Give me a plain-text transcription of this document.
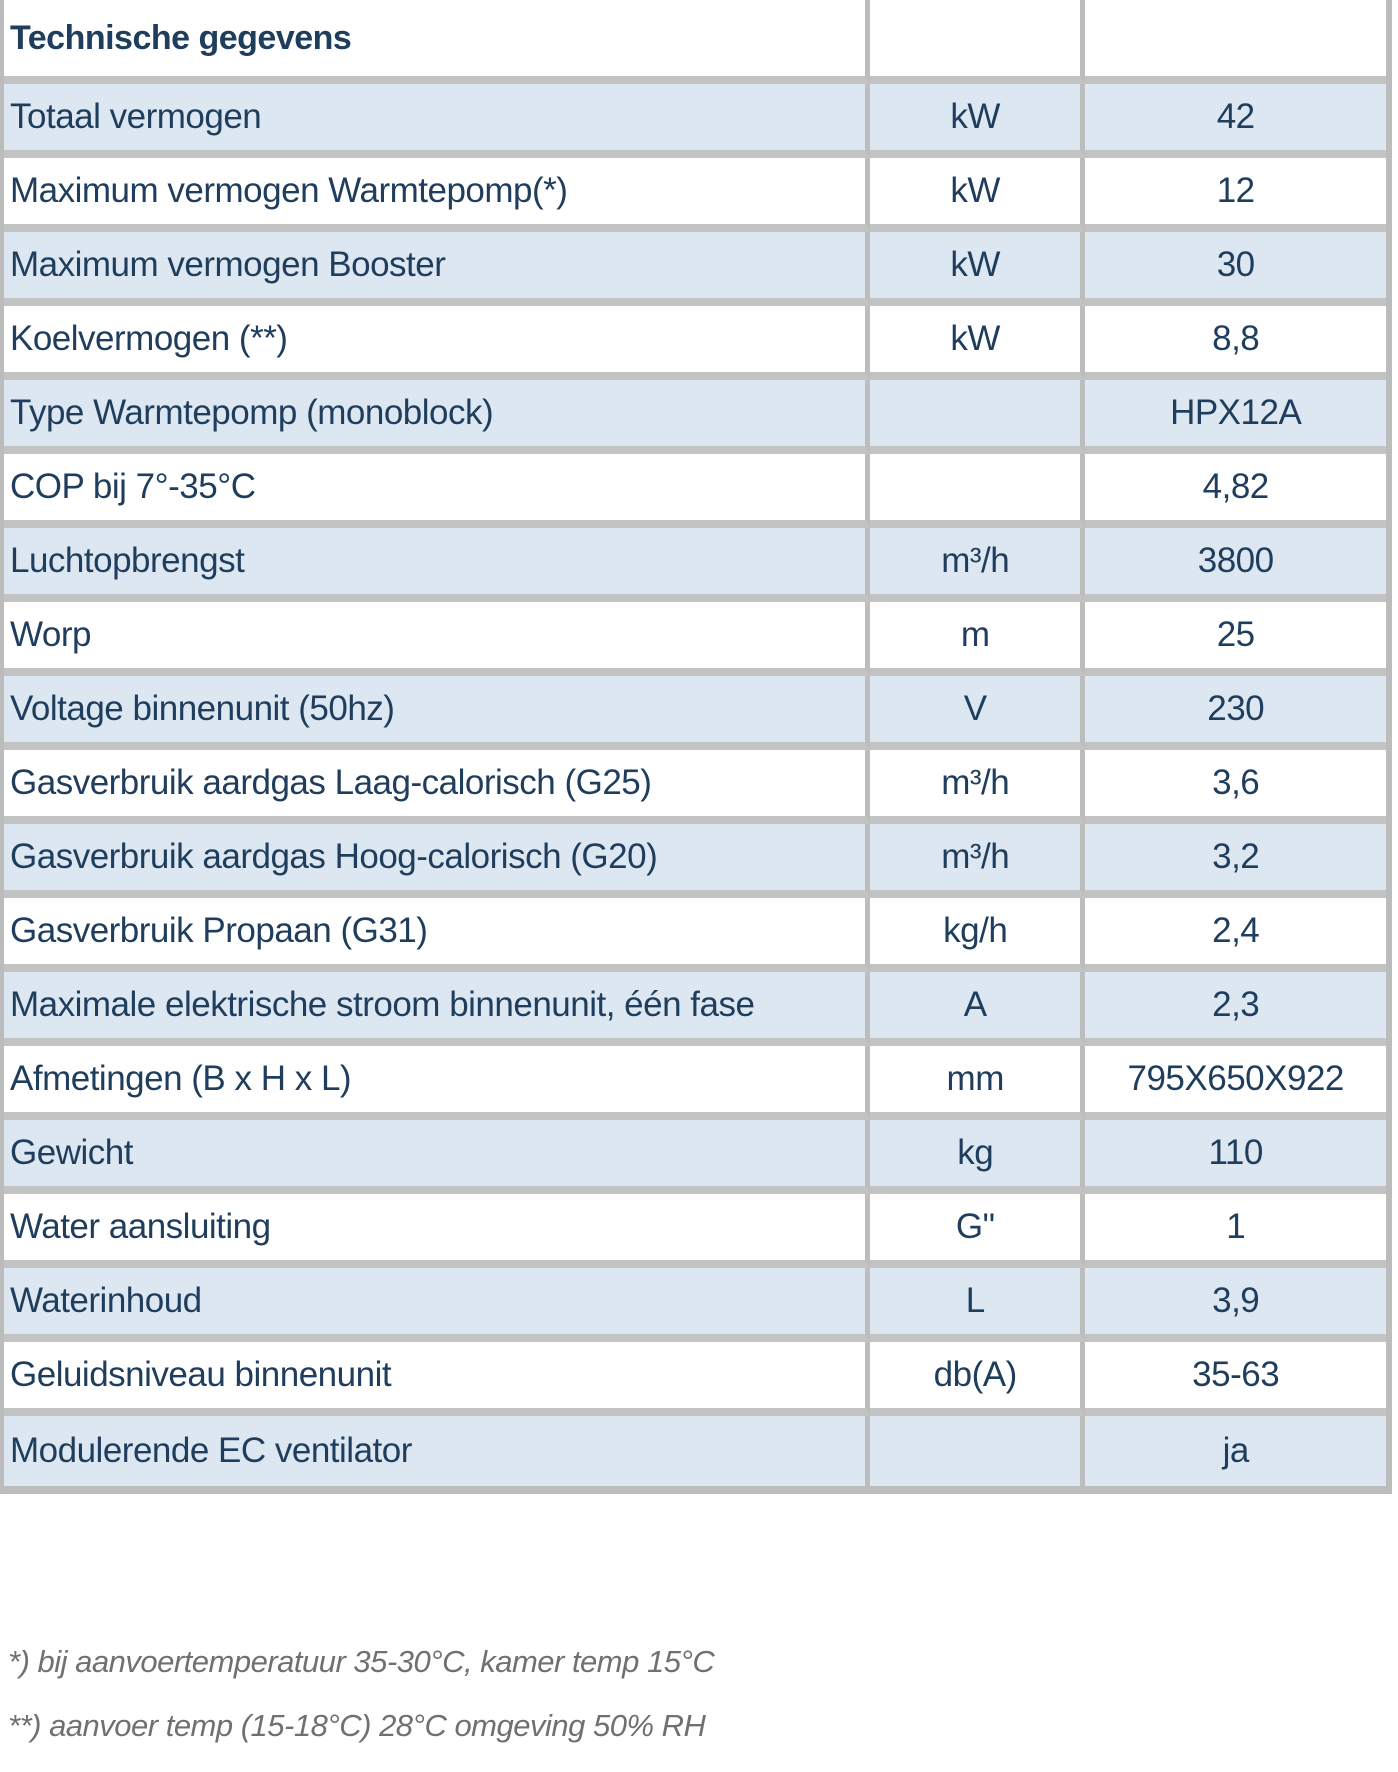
Technische gegevens		
Totaal vermogen	kW	42
Maximum vermogen Warmtepomp(*)	kW	12
Maximum vermogen Booster	kW	30
Koelvermogen (**)	kW	8,8
Type Warmtepomp (monoblock)		HPX12A
COP bij 7°-35°C		4,82
Luchtopbrengst	m³/h	3800
Worp	m	25
Voltage binnenunit (50hz)	V	230
Gasverbruik aardgas Laag-calorisch (G25)	m³/h	3,6
Gasverbruik aardgas Hoog-calorisch (G20)	m³/h	3,2
Gasverbruik Propaan (G31)	kg/h	2,4
Maximale elektrische stroom binnenunit, één fase	A	2,3
Afmetingen (B x H x L)	mm	795X650X922
Gewicht	kg	110
Water aansluiting	G"	1
Waterinhoud	L	3,9
Geluidsniveau binnenunit	db(A)	35-63
Modulerende EC ventilator		ja
*) bij aanvoertemperatuur 35-30°C, kamer temp 15°C
**) aanvoer temp (15-18°C) 28°C omgeving 50% RH
